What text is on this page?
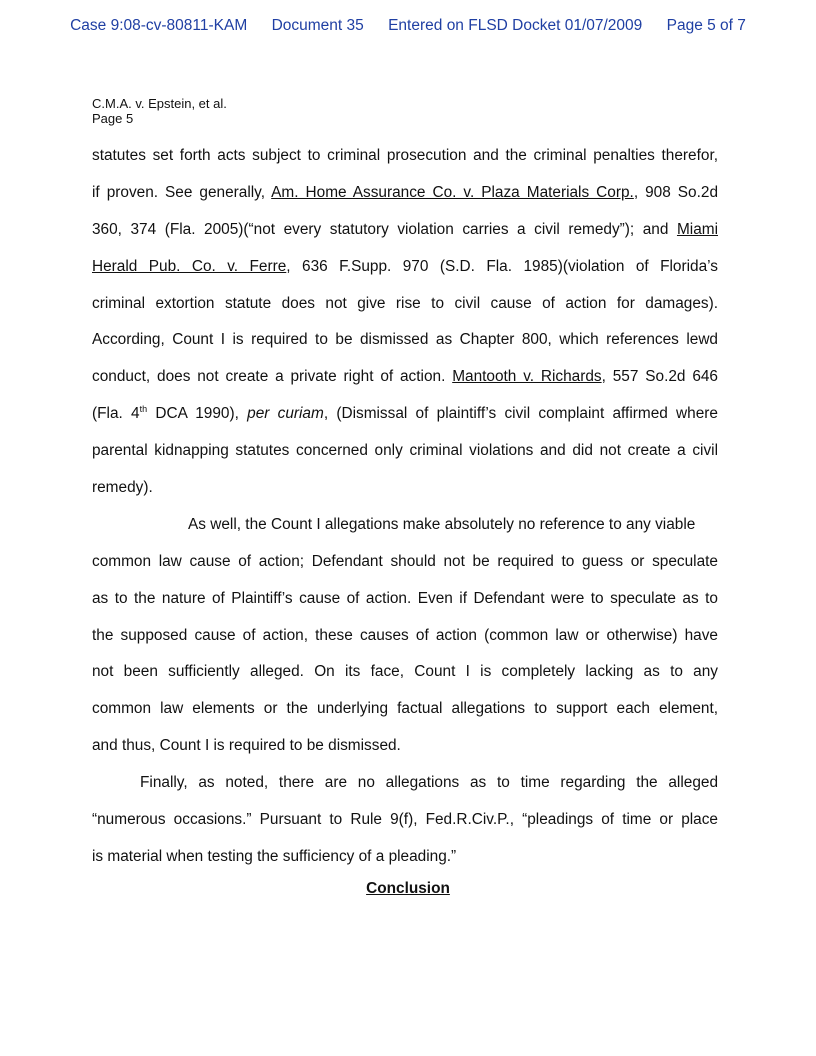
Case 9:08-cv-80811-KAM Document 35 Entered on FLSD Docket 01/07/2009 Page 5 of 7
C.M.A. v. Epstein, et al.
Page 5
statutes set forth acts subject to criminal prosecution and the criminal penalties therefor,
if proven. See generally, Am. Home Assurance Co. v. Plaza Materials Corp., 908 So.2d
360, 374 (Fla. 2005)(“not every statutory violation carries a civil remedy”); and Miami
Herald Pub. Co. v. Ferre, 636 F.Supp. 970 (S.D. Fla. 1985)(violation of Florida’s
criminal extortion statute does not give rise to civil cause of action for damages).
According, Count I is required to be dismissed as Chapter 800, which references lewd
conduct, does not create a private right of action. Mantooth v. Richards, 557 So.2d 646
(Fla. 4th DCA 1990), per curiam, (Dismissal of plaintiff’s civil complaint affirmed where
parental kidnapping statutes concerned only criminal violations and did not create a civil
remedy).
As well, the Count I allegations make absolutely no reference to any viable
common law cause of action; Defendant should not be required to guess or speculate
as to the nature of Plaintiff’s cause of action. Even if Defendant were to speculate as to
the supposed cause of action, these causes of action (common law or otherwise) have
not been sufficiently alleged. On its face, Count I is completely lacking as to any
common law elements or the underlying factual allegations to support each element,
and thus, Count I is required to be dismissed.
Finally, as noted, there are no allegations as to time regarding the alleged
“numerous occasions.” Pursuant to Rule 9(f), Fed.R.Civ.P., “pleadings of time or place
is material when testing the sufficiency of a pleading.”
Conclusion
